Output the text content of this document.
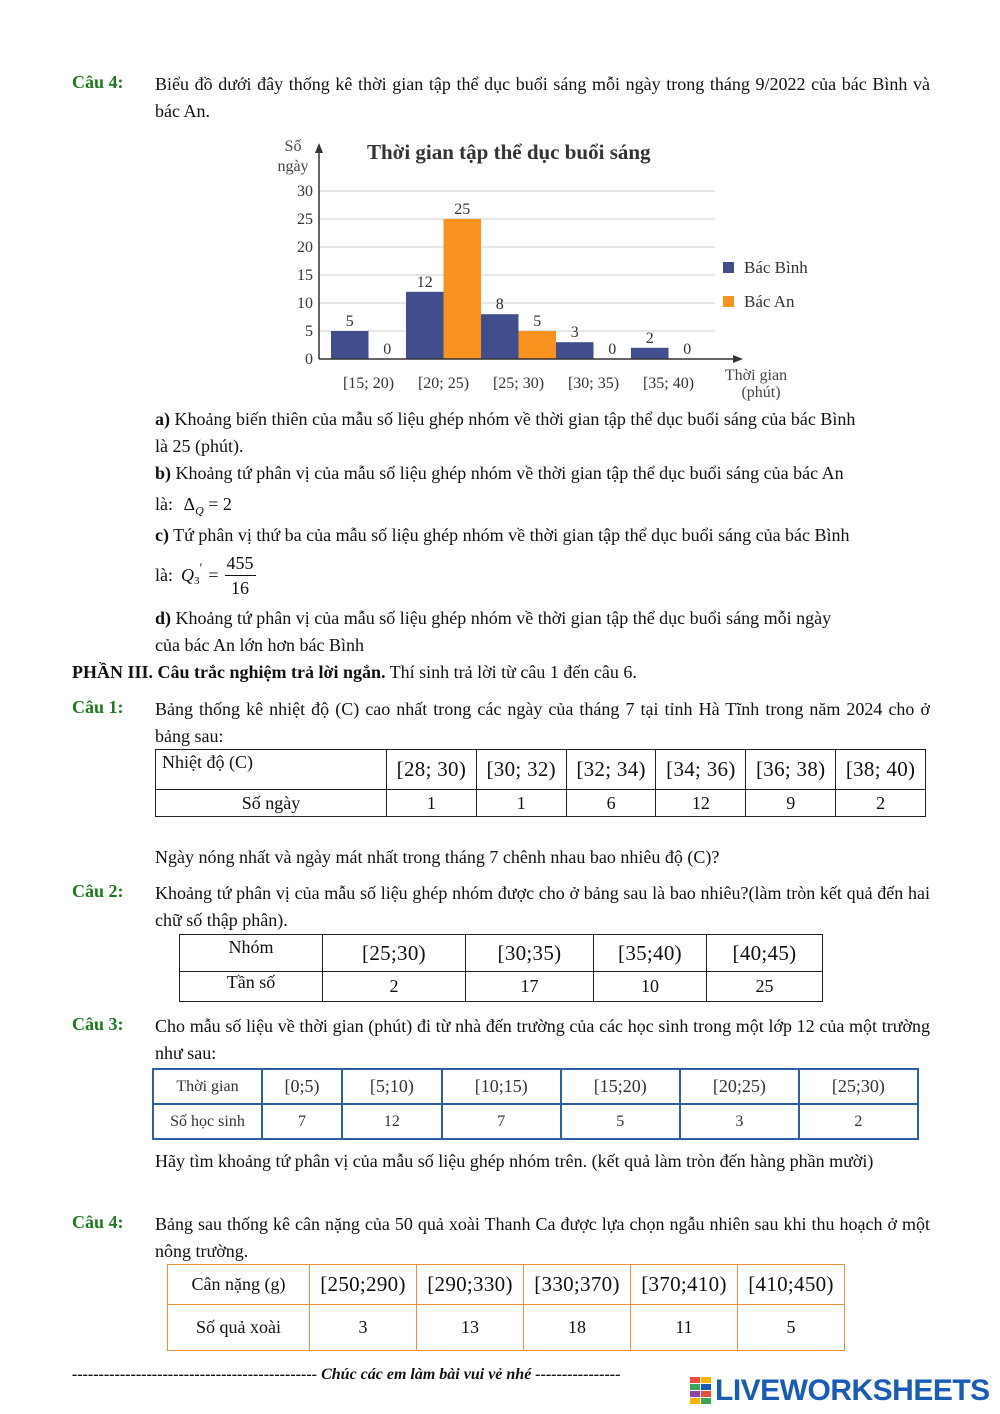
Câu 4: Biểu đồ dưới đây thống kê thời gian tập thể dục buổi sáng mỗi ngày trong tháng 9/2022 của bác Bình và bác An.
0
5
10
15
20
25
30
5
0
[15; 20)
12
25
[20; 25)
8
5
[25; 30)
3
0
[30; 35)
2
0
[35; 40)
Thời gian tập thể dục buổi sáng
Số
ngày
Thời gian
(phút)
Bác Bình
Bác An
a) Khoảng biến thiên của mẫu số liệu ghép nhóm về thời gian tập thể dục buổi sáng của bác Bình
là 25 (phút).
b) Khoảng tứ phân vị của mẫu số liệu ghép nhóm về thời gian tập thể dục buổi sáng của bác An
là: $\Delta_Q = 2$
c) Tứ phân vị thứ ba của mẫu số liệu ghép nhóm về thời gian tập thể dục buổi sáng của bác Bình
là: Q 3
′ = $\frac{455}{16}$
d) Khoảng tứ phân vị của mẫu số liệu ghép nhóm về thời gian tập thể dục buổi sáng mỗi ngày
của bác An lớn hơn bác Bình
PHẦN III. Câu trắc nghiệm trả lời ngắn. Thí sinh trả lời từ câu 1 đến câu 6.
Câu 1: Bảng thống kê nhiệt độ (C) cao nhất trong các ngày của tháng 7 tại tỉnh Hà Tĩnh trong năm 2024 cho ở bảng sau:
Nhiệt độ (C)	[28; 30)	[30; 32)	[32; 34)	[34; 36)	[36; 38)	[38; 40)
Số ngày	1	1	6	12	9	2
Ngày nóng nhất và ngày mát nhất trong tháng 7 chênh nhau bao nhiêu độ (C)?
Câu 2: Khoảng tứ phân vị của mẫu số liệu ghép nhóm được cho ở bảng sau là bao nhiêu?(làm tròn kết quả đến hai chữ số thập phân).
Nhóm	[25;30)	[30;35)	[35;40)	[40;45)
Tần số	2	17	10	25
Câu 3: Cho mẫu số liệu về thời gian (phút) đi từ nhà đến trường của các học sinh trong một lớp 12 của một trường như sau:
Thời gian	[0;5)	[5;10)	[10;15)	[15;20)	[20;25)	[25;30)
Số học sinh	7	12	7	5	3	2
Hãy tìm khoảng tứ phân vị của mẫu số liệu ghép nhóm trên. (kết quả làm tròn đến hàng phần mười)
Câu 4: Bảng sau thống kê cân nặng của 50 quả xoài Thanh Ca được lựa chọn ngẫu nhiên sau khi thu hoạch ở một nông trường.
Cân nặng (g)	[250;290)	[290;330)	[330;370)	[370;410)	[410;450)
Số quả xoài	3	13	18	11	5
---------------------------------------------- Chúc các em làm bài vui vẻ nhé ----------------	LIVEWORKSHEETS
